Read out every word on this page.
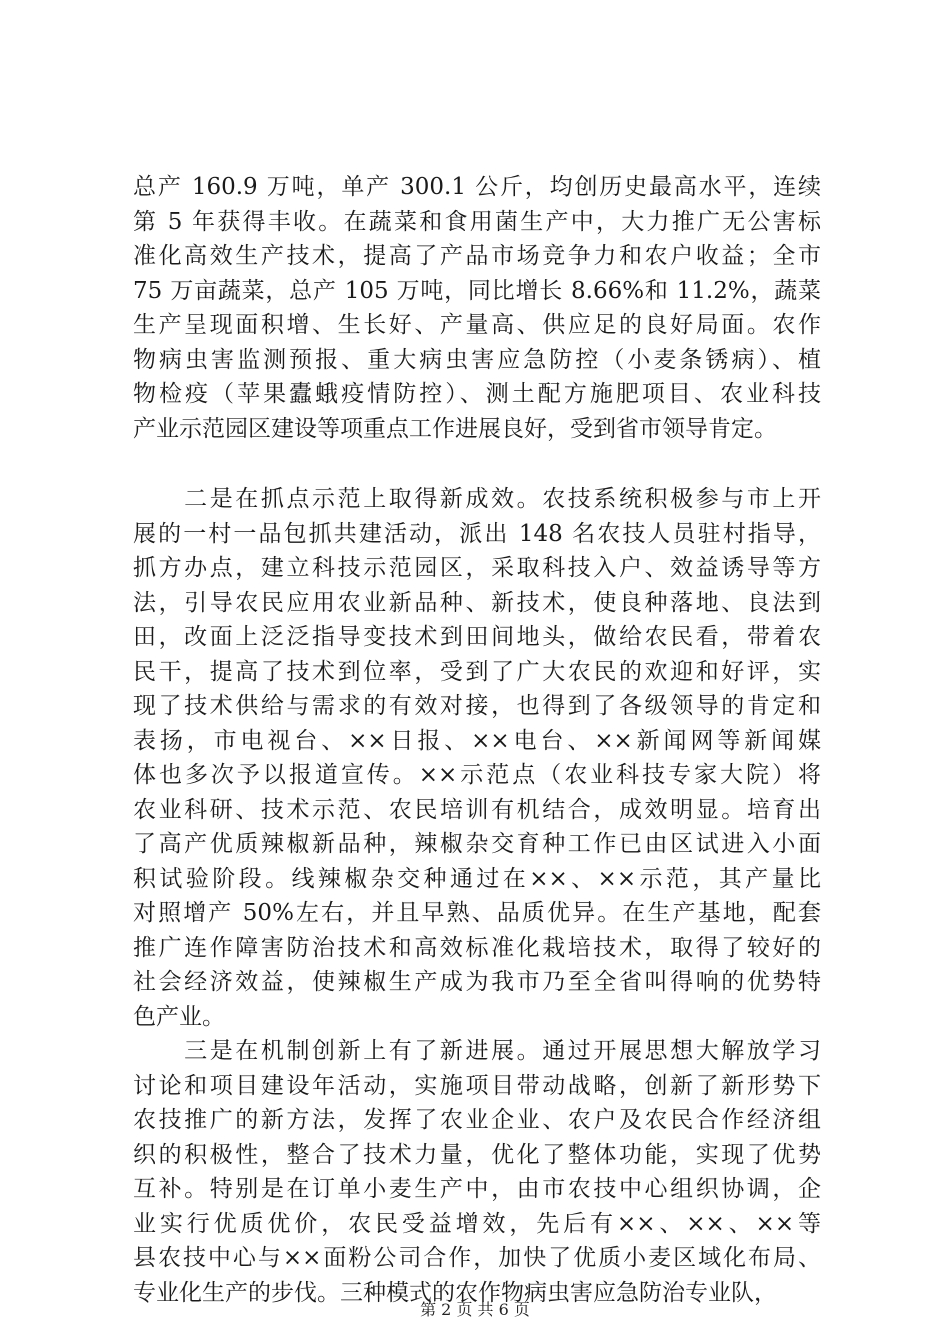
总产 160.9 万吨，单产 300.1 公斤，均创历史最高水平，连续
第 5 年获得丰收。在蔬菜和食用菌生产中，大力推广无公害标
准化高效生产技术，提高了产品市场竞争力和农户收益；全市
75 万亩蔬菜，总产 105 万吨，同比增长 8.66%和 11.2%，蔬菜
生产呈现面积增、生长好、产量高、供应足的良好局面。农作
物病虫害监测预报、重大病虫害应急防控（小麦条锈病）、植
物检疫（苹果蠹蛾疫情防控）、测土配方施肥项目、农业科技
产业示范园区建设等项重点工作进展良好，受到省市领导肯定。
　　二是在抓点示范上取得新成效。农技系统积极参与市上开
展的一村一品包抓共建活动，派出 148 名农技人员驻村指导，
抓方办点，建立科技示范园区，采取科技入户、效益诱导等方
法，引导农民应用农业新品种、新技术，使良种落地、良法到
田，改面上泛泛指导变技术到田间地头，做给农民看，带着农
民干，提高了技术到位率，受到了广大农民的欢迎和好评，实
现了技术供给与需求的有效对接，也得到了各级领导的肯定和
表扬，市电视台、××日报、××电台、××新闻网等新闻媒
体也多次予以报道宣传。××示范点（农业科技专家大院）将
农业科研、技术示范、农民培训有机结合，成效明显。培育出
了高产优质辣椒新品种，辣椒杂交育种工作已由区试进入小面
积试验阶段。线辣椒杂交种通过在××、××示范，其产量比
对照增产 50%左右，并且早熟、品质优异。在生产基地，配套
推广连作障害防治技术和高效标准化栽培技术，取得了较好的
社会经济效益，使辣椒生产成为我市乃至全省叫得响的优势特
色产业。
　　三是在机制创新上有了新进展。通过开展思想大解放学习
讨论和项目建设年活动，实施项目带动战略，创新了新形势下
农技推广的新方法，发挥了农业企业、农户及农民合作经济组
织的积极性，整合了技术力量，优化了整体功能，实现了优势
互补。特别是在订单小麦生产中，由市农技中心组织协调，企
业实行优质优价，农民受益增效，先后有××、××、××等
县农技中心与××面粉公司合作，加快了优质小麦区域化布局、
专业化生产的步伐。三种模式的农作物病虫害应急防治专业队，
第 2 页 共 6 页
